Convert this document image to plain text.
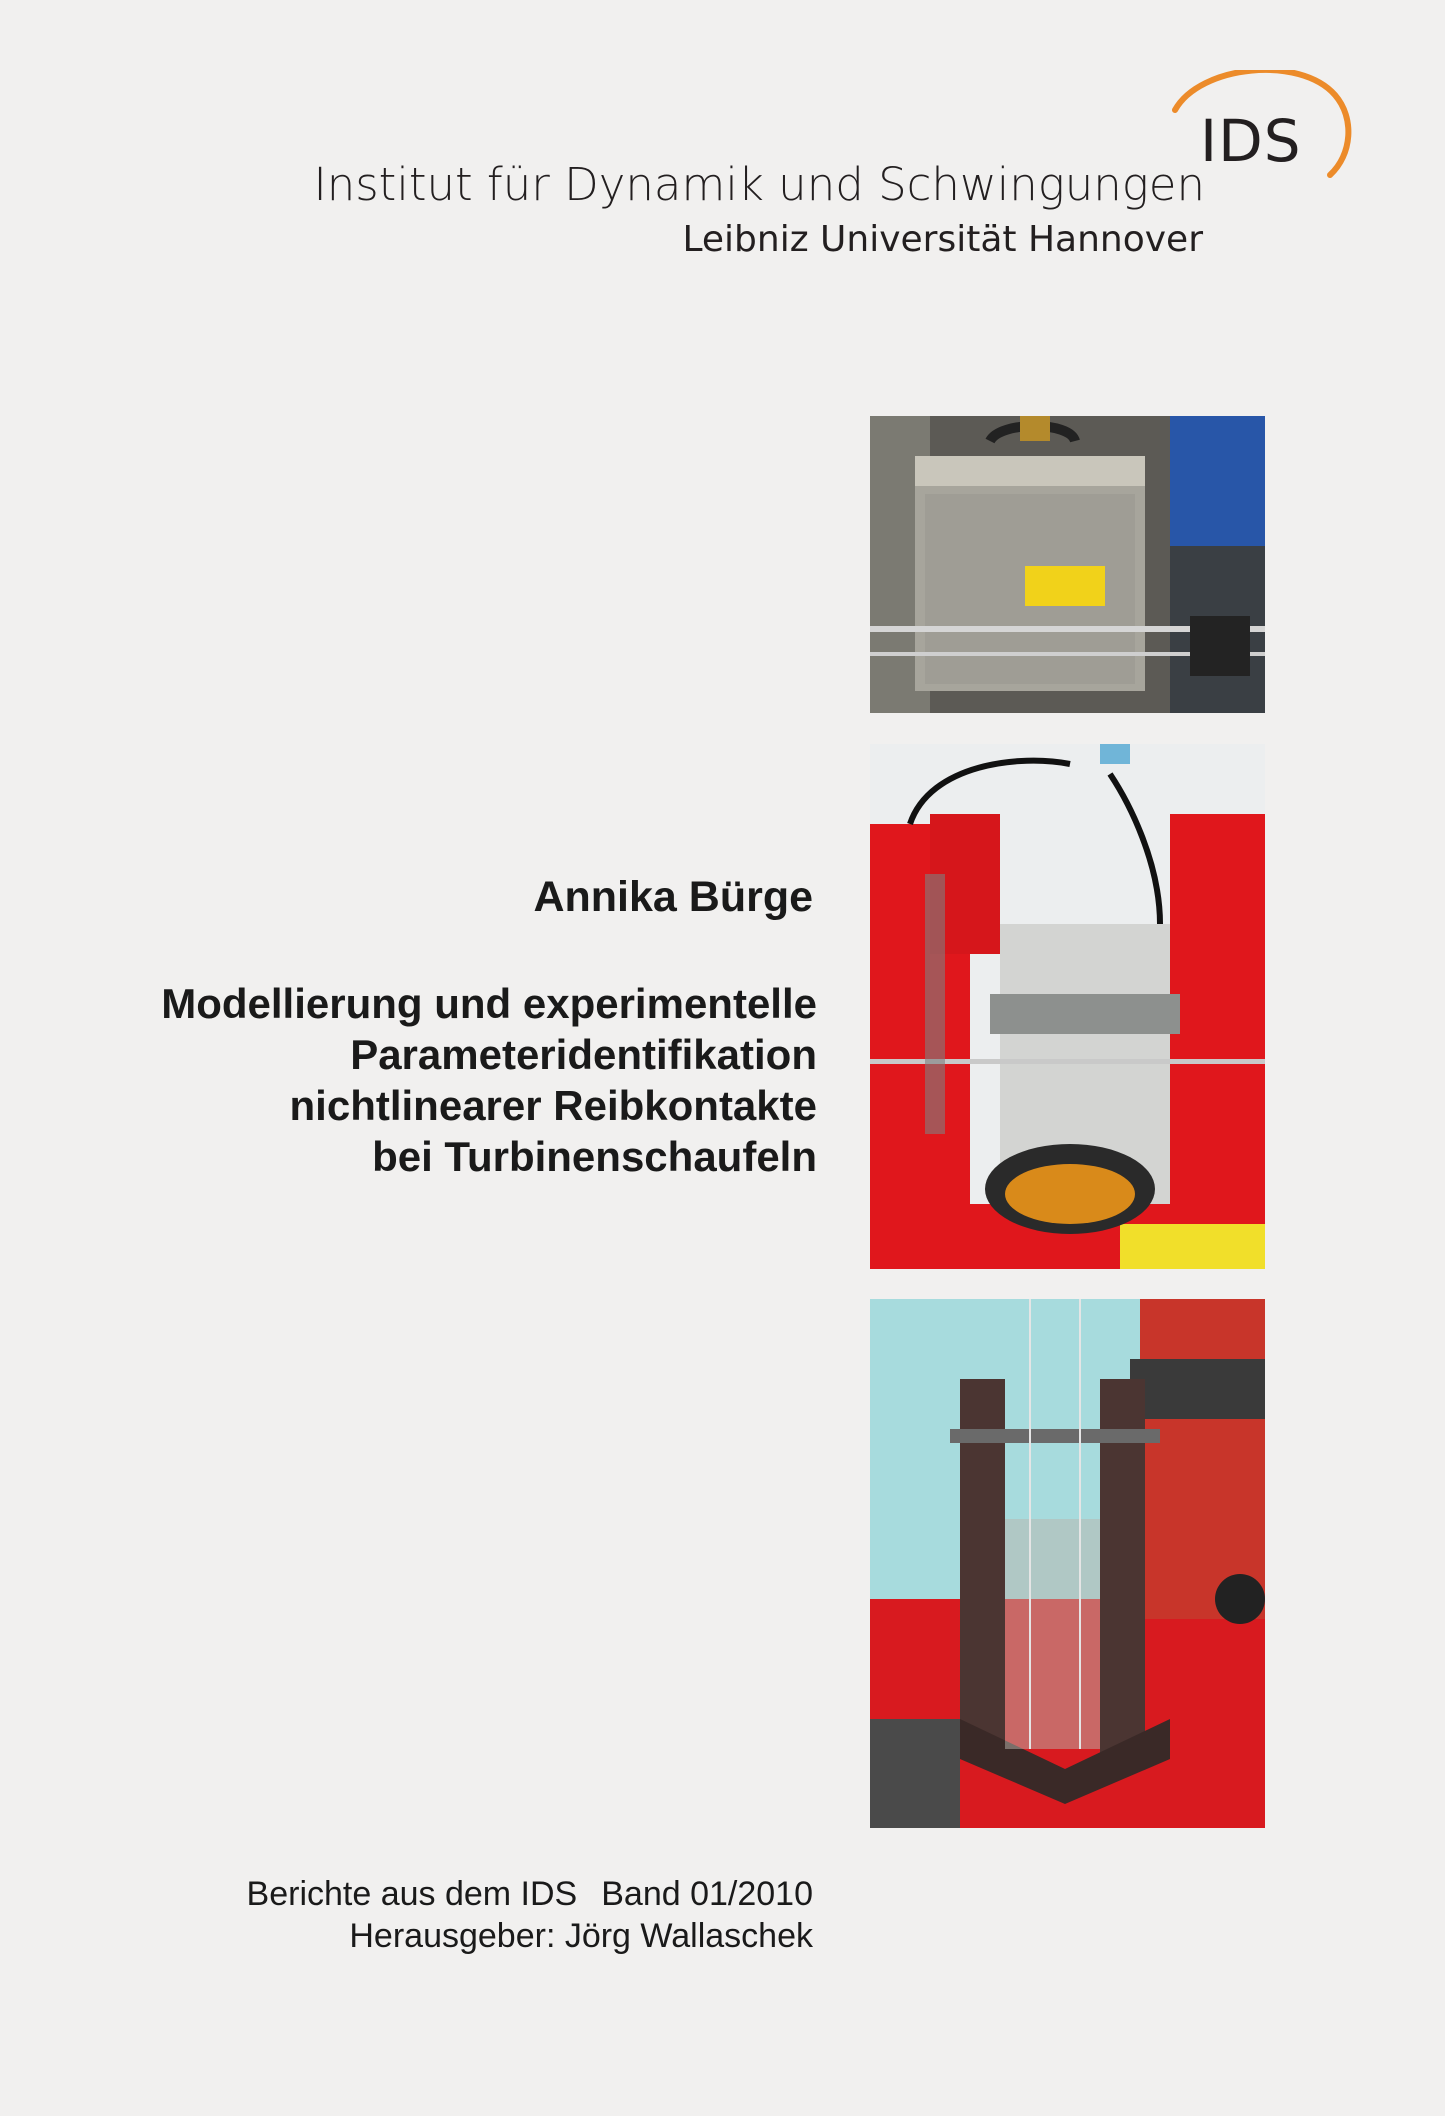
IDS
Institut für Dynamik und Schwingungen
Leibniz Universität Hannover
Annika Bürge
Modellierung und experimentelle
Parameteridentifikation
nichtlinearer Reibkontakte
bei Turbinenschaufeln
Berichte aus dem IDS Band 01/2010
Herausgeber: Jörg Wallaschek
